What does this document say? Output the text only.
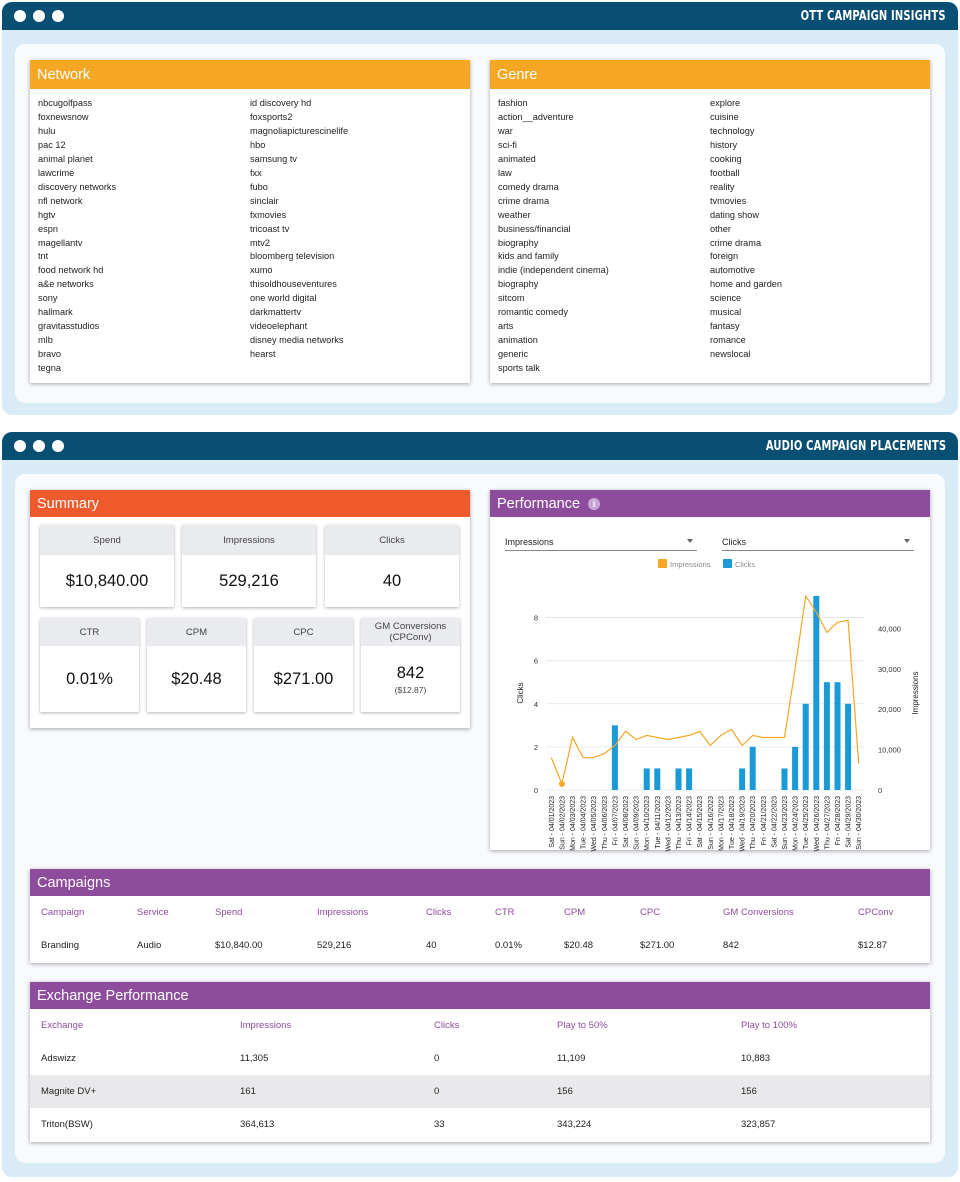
OTT CAMPAIGN INSIGHTS
Network
nbcugolfpass
foxnewsnow
hulu
pac 12
animal planet
lawcrime
discovery networks
nfl network
hgtv
espn
magellantv
tnt
food network hd
a&e networks
sony
hallmark
gravitasstudios
mlb
bravo
tegna
id discovery hd
foxsports2
magnoliapicturescinelife
hbo
samsung tv
fxx
fubo
sinclair
fxmovies
tricoast tv
mtv2
bloomberg television
xumo
thisoldhouseventures
one world digital
darkmattertv
videoelephant
disney media networks
hearst
Genre
fashion
action__adventure
war
sci-fi
animated
law
comedy drama
crime drama
weather
business/financial
biography
kids and family
indie (independent cinema)
biography
sitcom
romantic comedy
arts
animation
generic
sports talk
explore
cuisine
technology
history
cooking
football
reality
tvmovies
dating show
other
crime drama
foreign
automotive
home and garden
science
musical
fantasy
romance
newslocal
AUDIO CAMPAIGN PLACEMENTS
Summary
Spend
$10,840.00
Impressions
529,216
Clicks
40
CTR
0.01%
CPM
$20.48
CPC
$271.00
GM Conversions
(CPConv)
842
($12.87)
Performance	i
Impressions	Clicks
Impressions	Clicks
0
2
4
6
8
0
10,000
20,000
30,000
40,000
Clicks	Impressions
Sat - 04/01/2023 Sun - 04/02/2023 Mon - 04/03/2023 Tue - 04/04/2023 Wed - 04/05/2023 Thu - 04/06/2023 Fri - 04/07/2023 Sat - 04/08/2023 Sun - 04/09/2023 Mon - 04/10/2023 Tue - 04/11/2023 Wed - 04/12/2023 Thu - 04/13/2023 Fri - 04/14/2023 Sat - 04/15/2023 Sun - 04/16/2023 Mon - 04/17/2023 Tue - 04/18/2023 Wed - 04/19/2023 Thu - 04/20/2023 Fri - 04/21/2023 Sat - 04/22/2023 Sun - 04/23/2023 Mon - 04/24/2023 Tue - 04/25/2023 Wed - 04/26/2023 Thu - 04/27/2023 Fri - 04/28/2023 Sat - 04/29/2023 Sun - 04/30/2023
Campaigns
Campaign	Service	Spend	Impressions	Clicks	CTR	CPM	CPC	GM Conversions	CPConv
Branding	Audio	$10,840.00	529,216	40	0.01%	$20.48	$271.00	842	$12.87
Exchange Performance
Exchange	Impressions	Clicks	Play to 50%	Play to 100%
Adswizz	11,305	0	11,109	10,883
Magnite DV+	161	0	156	156
Triton(BSW)	364,613	33	343,224	323,857
